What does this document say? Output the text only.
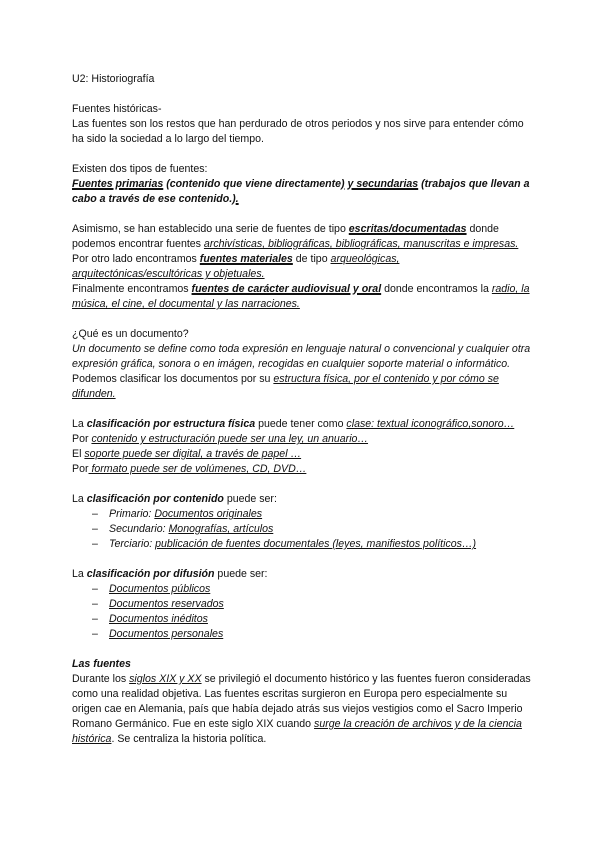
U2: Historiografía

Fuentes históricas-

Las fuentes son los restos que han perdurado de otros periodos y nos sirve para entender cómo ha sido la sociedad a lo largo del tiempo.

Existen dos tipos de fuentes:

Fuentes primarias (contenido que viene directamente) y secundarias (trabajos que llevan a cabo a través de ese contenido.).

Asimismo, se han establecido una serie de fuentes de tipo escritas/documentadas donde podemos encontrar fuentes archivísticas, bibliográficas, bibliográficas, manuscritas e impresas.

Por otro lado encontramos fuentes materiales de tipo arqueológicas, arquitectónicas/escultóricas y objetuales.

Finalmente encontramos fuentes de carácter audiovisual y oral donde encontramos la radio, la música, el cine, el documental y las narraciones.

¿Qué es un documento?

Un documento se define como toda expresión en lenguaje natural o convencional y cualquier otra expresión gráfica, sonora o en imágen, recogidas en cualquier soporte material o informático.

Podemos clasificar los documentos por su estructura física, por el contenido y por cómo se difunden.

La clasificación por estructura física puede tener como clase: textual iconográfico,sonoro…

Por contenido y estructuración puede ser una ley, un anuario…

El soporte puede ser digital, a través de papel …

Por formato puede ser de volúmenes, CD, DVD…

La clasificación por contenido puede ser:

– Primario: Documentos originales
– Secundario: Monografías, artículos
– Terciario: publicación de fuentes documentales (leyes, manifiestos políticos…)

La clasificación por difusión puede ser:

– Documentos públicos
– Documentos reservados
– Documentos inéditos
– Documentos personales

Las fuentes

Durante los siglos XIX y XX se privilegió el documento histórico y las fuentes fueron consideradas como una realidad objetiva. Las fuentes escritas surgieron en Europa pero especialmente su origen cae en Alemania, país que había dejado atrás sus viejos vestigios como el Sacro Imperio Romano Germánico. Fue en este siglo XIX cuando surge la creación de archivos y de la ciencia histórica. Se centraliza la historia política.
